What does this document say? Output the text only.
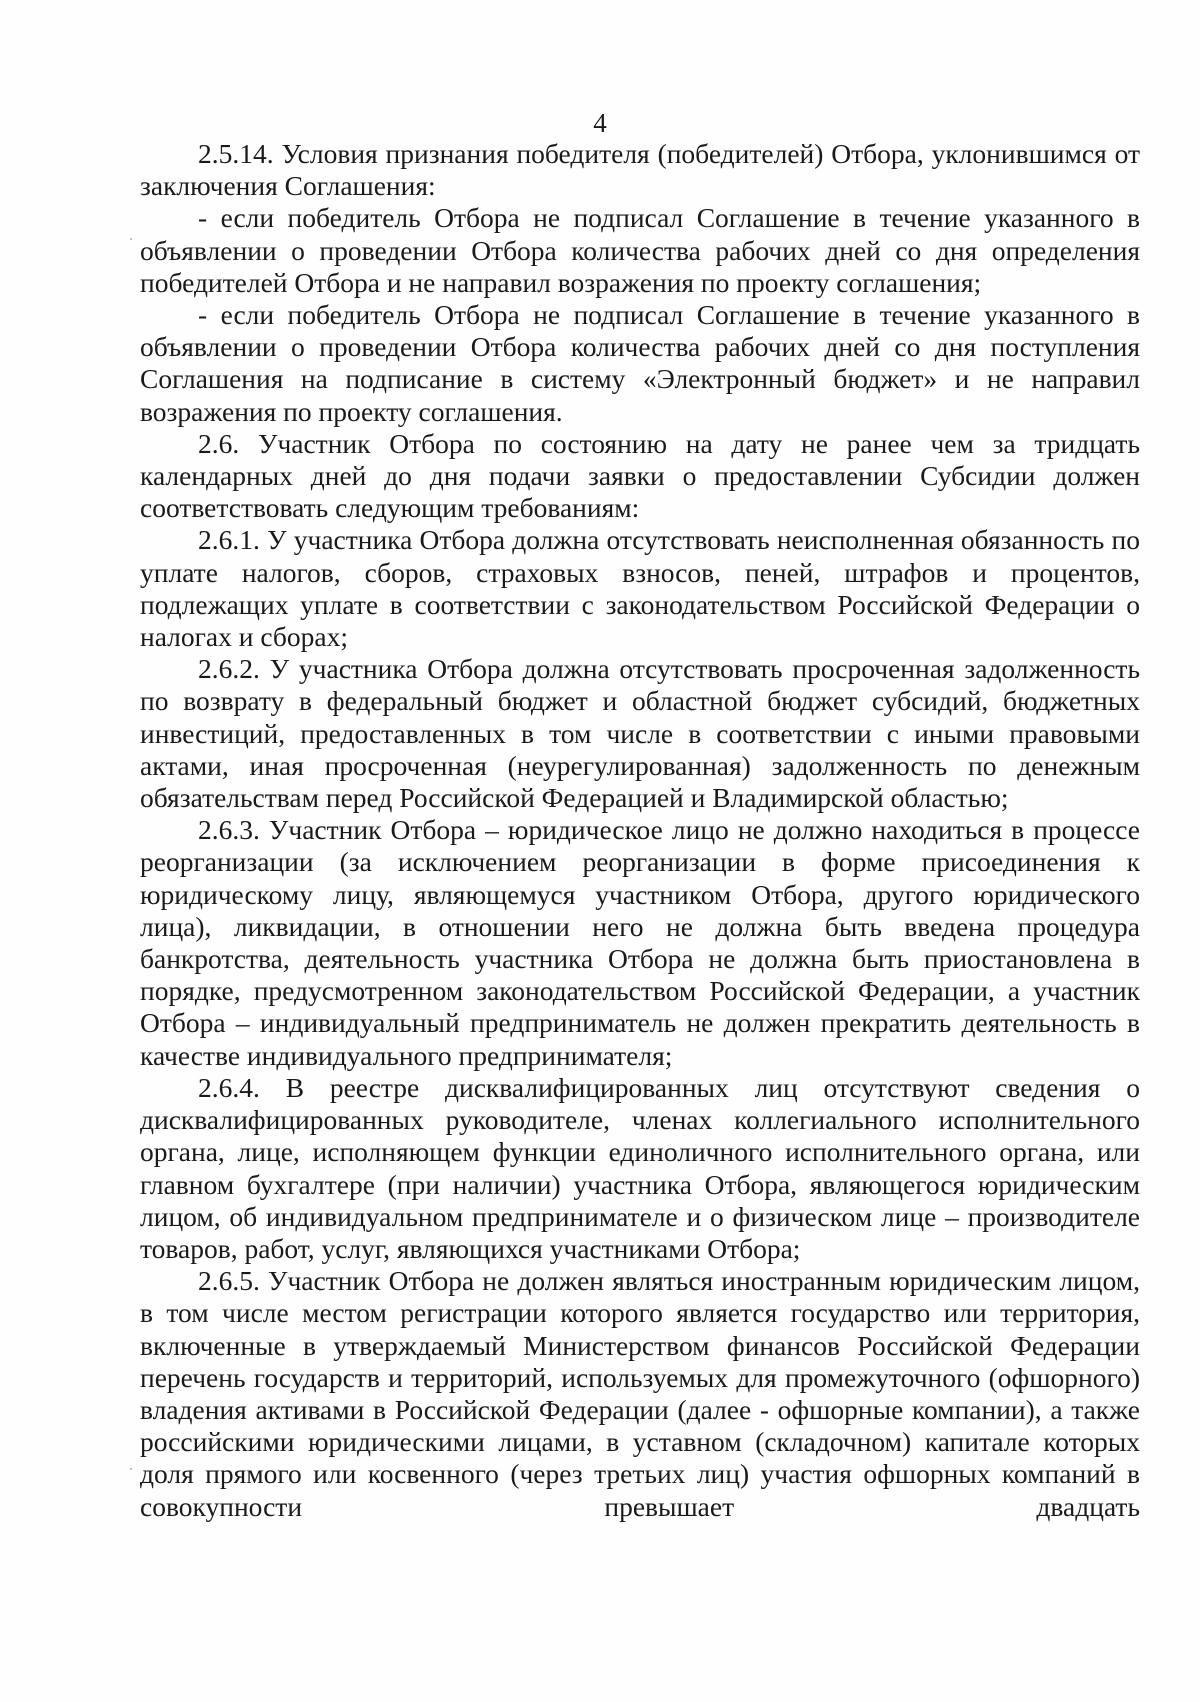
4

2.5.14. Условия признания победителя (победителей) Отбора, уклонившимся от заключения Соглашения:

- если победитель Отбора не подписал Соглашение в течение указанного в объявлении о проведении Отбора количества рабочих дней со дня определения победителей Отбора и не направил возражения по проекту соглашения;

- если победитель Отбора не подписал Соглашение в течение указанного в объявлении о проведении Отбора количества рабочих дней со дня поступления Соглашения на подписание в систему «Электронный бюджет» и не направил возражения по проекту соглашения.

2.6. Участник Отбора по состоянию на дату не ранее чем за тридцать календарных дней до дня подачи заявки о предоставлении Субсидии должен соответствовать следующим требованиям:

2.6.1. У участника Отбора должна отсутствовать неисполненная обязанность по уплате налогов, сборов, страховых взносов, пеней, штрафов и процентов, подлежащих уплате в соответствии с законодательством Российской Федерации о налогах и сборах;

2.6.2. У участника Отбора должна отсутствовать просроченная задолженность по возврату в федеральный бюджет и областной бюджет субсидий, бюджетных инвестиций, предоставленных в том числе в соответствии с иными правовыми актами, иная просроченная (неурегулированная) задолженность по денежным обязательствам перед Российской Федерацией и Владимирской областью;

2.6.3. Участник Отбора – юридическое лицо не должно находиться в процессе реорганизации (за исключением реорганизации в форме присоединения к юридическому лицу, являющемуся участником Отбора, другого юридического лица), ликвидации, в отношении него не должна быть введена процедура банкротства, деятельность участника Отбора не должна быть приостановлена в порядке, предусмотренном законодательством Российской Федерации, а участник Отбора – индивидуальный предприниматель не должен прекратить деятельность в качестве индивидуального предпринимателя;

2.6.4. В реестре дисквалифицированных лиц отсутствуют сведения о дисквалифицированных руководителе, членах коллегиального исполнительного органа, лице, исполняющем функции единоличного исполнительного органа, или главном бухгалтере (при наличии) участника Отбора, являющегося юридическим лицом, об индивидуальном предпринимателе и о физическом лице – производителе товаров, работ, услуг, являющихся участниками Отбора;

2.6.5. Участник Отбора не должен являться иностранным юридическим лицом, в том числе местом регистрации которого является государство или территория, включенные в утверждаемый Министерством финансов Российской Федерации перечень государств и территорий, используемых для промежуточного (офшорного) владения активами в Российской Федерации (далее - офшорные компании), а также российскими юридическими лицами, в уставном (складочном) капитале которых доля прямого или косвенного (через третьих лиц) участия офшорных компаний в совокупности превышает двадцать
